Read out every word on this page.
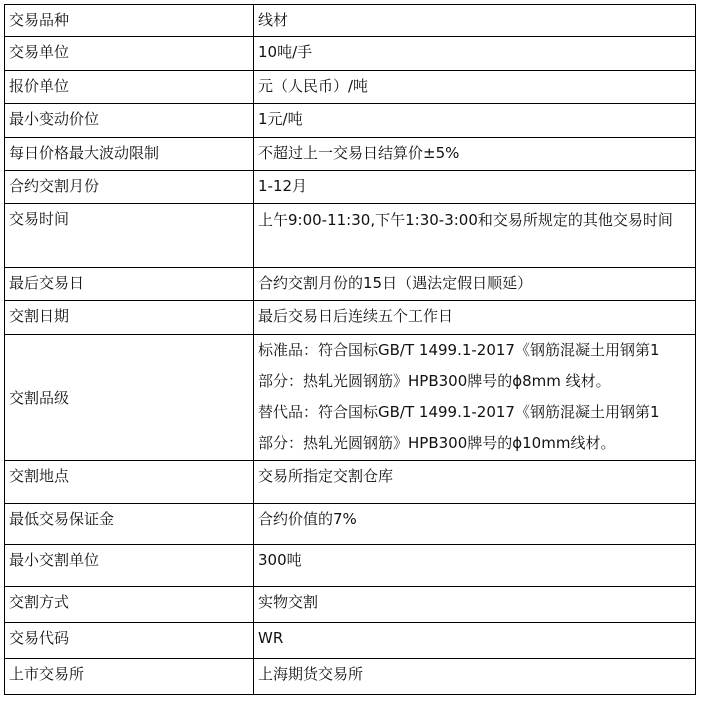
交易品种	线材
交易单位	10吨/手
报价单位	元（人民币）/吨
最小变动价位	1元/吨
每日价格最大波动限制	不超过上一交易日结算价±5%
合约交割月份	1-12月
交易时间	上午9:00-11:30,下午1:30-3:00和交易所规定的其他交易时间
最后交易日	合约交割月份的15日（遇法定假日顺延）
交割日期	最后交易日后连续五个工作日
交割品级	标准品：符合国标GB/T 1499.1-2017《钢筋混凝土用钢第1
部分：热轧光圆钢筋》HPB300牌号的ϕ8mm 线材。
替代品：符合国标GB/T 1499.1-2017《钢筋混凝土用钢第1
部分：热轧光圆钢筋》HPB300牌号的ϕ10mm线材。

交割地点	交易所指定交割仓库
最低交易保证金	合约价值的7%
最小交割单位	300吨
交割方式	实物交割
交易代码	WR
上市交易所	上海期货交易所
